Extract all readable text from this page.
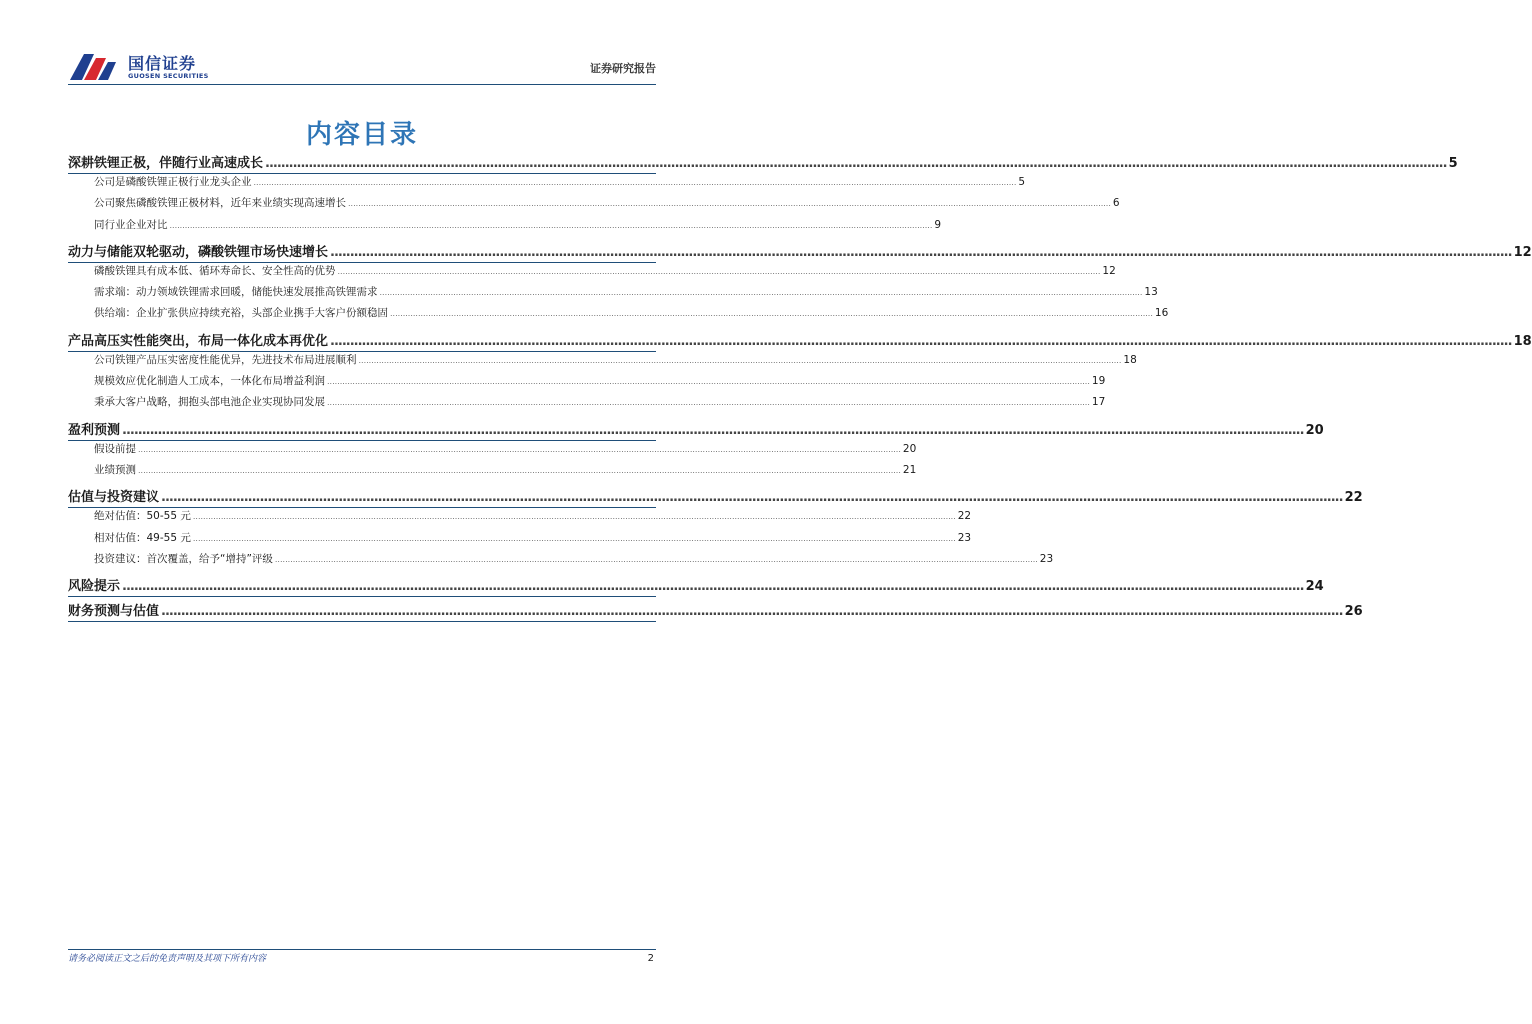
国信证券
GUOSEN SECURITIES
证券研究报告
内容目录
深耕铁锂正极，伴随行业高速成长 ............................................................................................................................................................................................................................................................................................................ 5
公司是磷酸铁锂正极行业龙头企业 ............................................................................................................................................................................................................................................................................................................ 5
公司聚焦磷酸铁锂正极材料，近年来业绩实现高速增长 ............................................................................................................................................................................................................................................................................................................ 6
同行业企业对比 ............................................................................................................................................................................................................................................................................................................ 9
动力与储能双轮驱动，磷酸铁锂市场快速增长 ............................................................................................................................................................................................................................................................................................................ 12
磷酸铁锂具有成本低、循环寿命长、安全性高的优势 ............................................................................................................................................................................................................................................................................................................ 12
需求端：动力领域铁锂需求回暖，储能快速发展推高铁锂需求 ............................................................................................................................................................................................................................................................................................................ 13
供给端：企业扩张供应持续充裕，头部企业携手大客户份额稳固 ............................................................................................................................................................................................................................................................................................................ 16
产品高压实性能突出，布局一体化成本再优化 ............................................................................................................................................................................................................................................................................................................ 18
公司铁锂产品压实密度性能优异，先进技术布局进展顺利 ............................................................................................................................................................................................................................................................................................................ 18
规模效应优化制造人工成本，一体化布局增益利润 ............................................................................................................................................................................................................................................................................................................ 19
秉承大客户战略，拥抱头部电池企业实现协同发展 ............................................................................................................................................................................................................................................................................................................ 17
盈利预测 ............................................................................................................................................................................................................................................................................................................ 20
假设前提 ............................................................................................................................................................................................................................................................................................................ 20
业绩预测 ............................................................................................................................................................................................................................................................................................................ 21
估值与投资建议 ............................................................................................................................................................................................................................................................................................................ 22
绝对估值：50-55 元 ............................................................................................................................................................................................................................................................................................................ 22
相对估值：49-55 元 ............................................................................................................................................................................................................................................................................................................ 23
投资建议：首次覆盖，给予“增持”评级 ............................................................................................................................................................................................................................................................................................................ 23
风险提示 ............................................................................................................................................................................................................................................................................................................ 24
财务预测与估值 ............................................................................................................................................................................................................................................................................................................ 26
请务必阅读正文之后的免责声明及其项下所有内容	2
